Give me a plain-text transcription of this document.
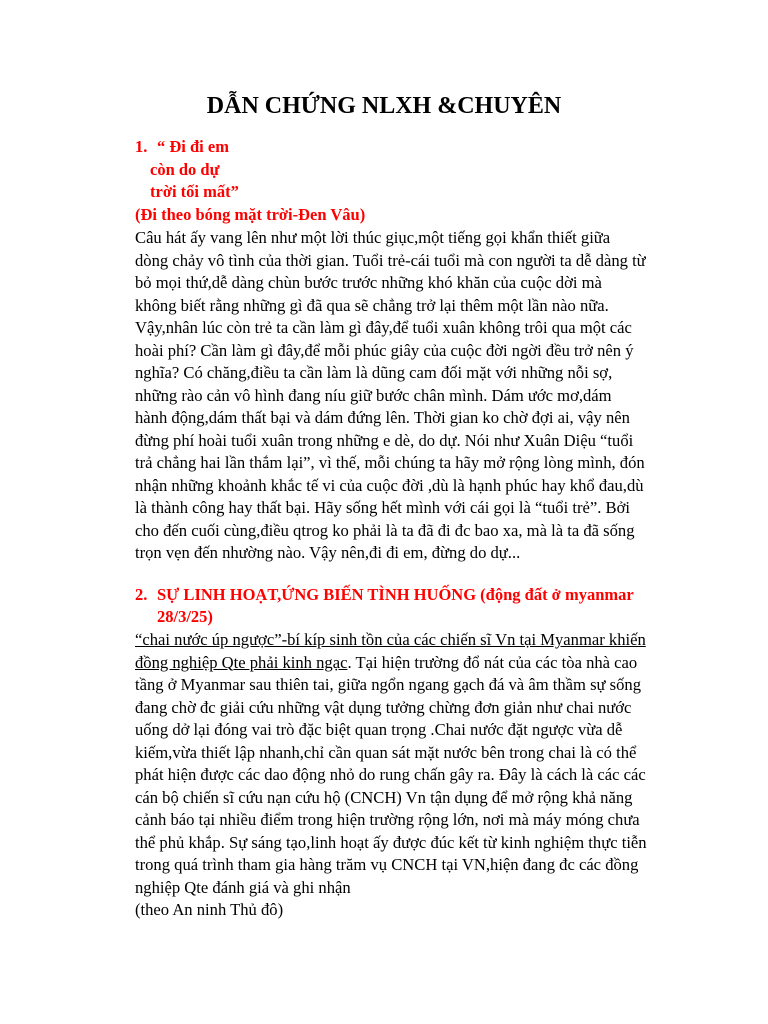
DẪN CHỨNG NLXH &CHUYÊN
1. “ Đi đi em
còn do dự
trời tối mất”
(Đi theo bóng mặt trời-Đen Vâu)
Câu hát ấy vang lên như một lời thúc giục,một tiếng gọi khẩn thiết giữa
dòng chảy vô tình của thời gian. Tuổi trẻ-cái tuổi mà con người ta dễ dàng từ
bỏ mọi thứ,dễ dàng chùn bước trước những khó khăn của cuộc dời mà
không biết rằng những gì đã qua sẽ chẳng trở lại thêm một lần nào nữa.
Vậy,nhân lúc còn trẻ ta cần làm gì đây,để tuổi xuân không trôi qua một các
hoài phí? Cần làm gì đây,để mỗi phúc giây của cuộc đời ngời đều trở nên ý
nghĩa? Có chăng,điều ta cần làm là dũng cam đối mặt với những nỗi sợ,
những rào cản vô hình đang níu giữ bước chân mình. Dám ước mơ,dám
hành động,dám thất bại và dám đứng lên. Thời gian ko chờ đợi ai, vậy nên
đừng phí hoài tuổi xuân trong những e dè, do dự. Nói như Xuân Diệu “tuổi
trả chẳng hai lần thắm lại”, vì thế, mỗi chúng ta hãy mở rộng lòng mình, đón
nhận những khoảnh khắc tế vi của cuộc đời ,dù là hạnh phúc hay khổ đau,dù
là thành công hay thất bại. Hãy sống hết mình với cái gọi là “tuổi trẻ”. Bởi
cho đến cuối cùng,điều qtrog ko phải là ta đã đi đc bao xa, mà là ta đã sống
trọn vẹn đến nhường nào. Vậy nên,đi đi em, đừng do dự...
2. SỰ LINH HOẠT,ỨNG BIẾN TÌNH HUỐNG (động đất ở myanmar
28/3/25)
“chai nước úp ngược”-bí kíp sinh tồn của các chiến sĩ Vn tại Myanmar khiến
đồng nghiệp Qte phải kinh ngạc. Tại hiện trường đổ nát của các tòa nhà cao
tầng ở Myanmar sau thiên tai, giữa ngổn ngang gạch đá và âm thầm sự sống
đang chờ đc giải cứu những vật dụng tưởng chừng đơn giản như chai nước
uống dở lại đóng vai trò đặc biệt quan trọng .Chai nước đặt ngược vừa dễ
kiếm,vừa thiết lập nhanh,chỉ cần quan sát mặt nước bên trong chai là có thể
phát hiện được các dao động nhỏ do rung chấn gây ra. Đây là cách là các các
cán bộ chiến sĩ cứu nạn cứu hộ (CNCH) Vn tận dụng để mở rộng khả năng
cảnh báo tại nhiều điểm trong hiện trường rộng lớn, nơi mà máy móng chưa
thể phủ khắp. Sự sáng tạo,linh hoạt ấy được đúc kết từ kinh nghiệm thực tiễn
trong quá trình tham gia hàng trăm vụ CNCH tại VN,hiện đang đc các đồng
nghiệp Qte đánh giá và ghi nhận
(theo An ninh Thủ đô)
